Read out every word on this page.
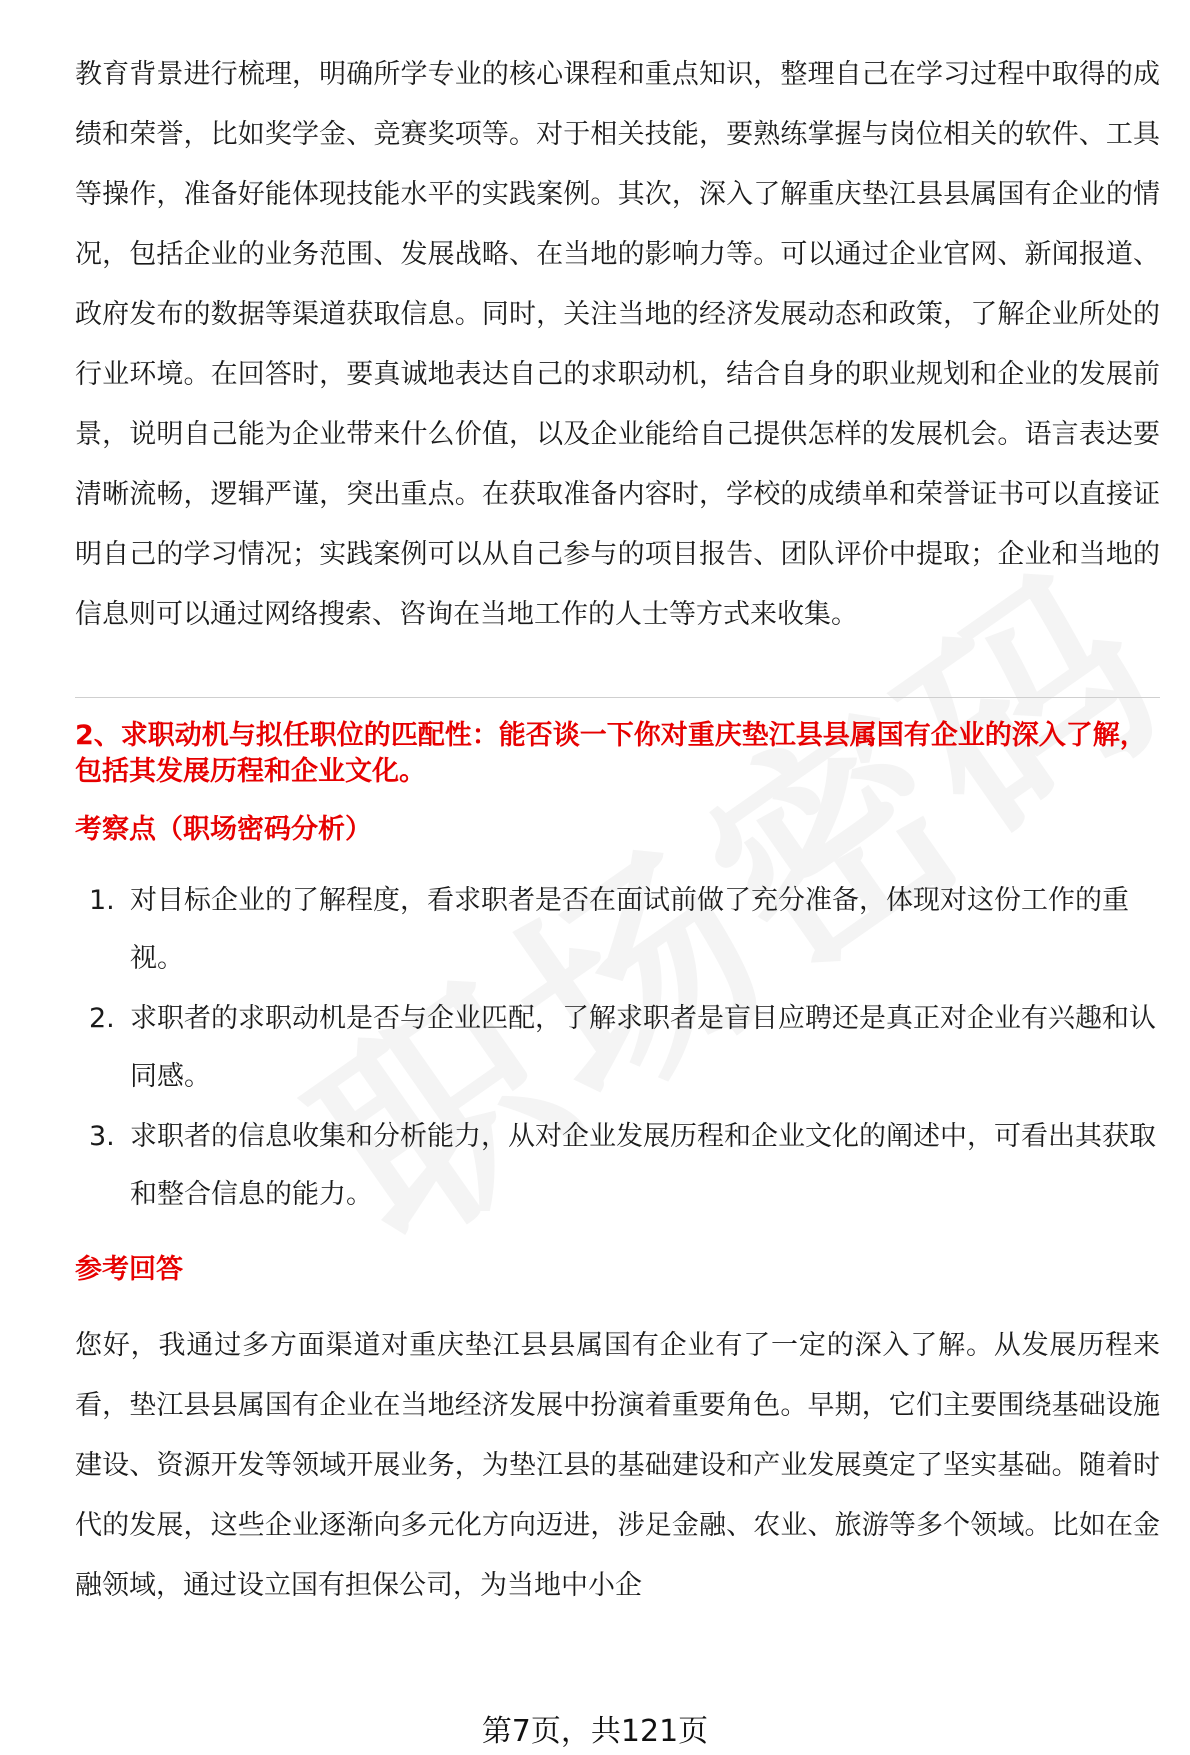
教育背景进行梳理，明确所学专业的核心课程和重点知识，整理自己在学习过程中取得的成绩和荣誉，比如奖学金、竞赛奖项等。对于相关技能，要熟练掌握与岗位相关的软件、工具等操作，准备好能体现技能水平的实践案例。其次，深入了解重庆垫江县县属国有企业的情况，包括企业的业务范围、发展战略、在当地的影响力等。可以通过企业官网、新闻报道、政府发布的数据等渠道获取信息。同时，关注当地的经济发展动态和政策，了解企业所处的行业环境。在回答时，要真诚地表达自己的求职动机，结合自身的职业规划和企业的发展前景，说明自己能为企业带来什么价值，以及企业能给自己提供怎样的发展机会。语言表达要清晰流畅，逻辑严谨，突出重点。在获取准备内容时，学校的成绩单和荣誉证书可以直接证明自己的学习情况；实践案例可以从自己参与的项目报告、团队评价中提取；企业和当地的信息则可以通过网络搜索、咨询在当地工作的人士等方式来收集。

2、求职动机与拟任职位的匹配性：能否谈一下你对重庆垫江县县属国有企业的深入了解，包括其发展历程和企业文化。
考察点（职场密码分析）
1. 对目标企业的了解程度，看求职者是否在面试前做了充分准备，体现对这份工作的重视。
2. 求职者的求职动机是否与企业匹配，了解求职者是盲目应聘还是真正对企业有兴趣和认同感。
3. 求职者的信息收集和分析能力，从对企业发展历程和企业文化的阐述中，可看出其获取和整合信息的能力。
参考回答

您好，我通过多方面渠道对重庆垫江县县属国有企业有了一定的深入了解。从发展历程来看，垫江县县属国有企业在当地经济发展中扮演着重要角色。早期，它们主要围绕基础设施建设、资源开发等领域开展业务，为垫江县的基础建设和产业发展奠定了坚实基础。随着时代的发展，这些企业逐渐向多元化方向迈进，涉足金融、农业、旅游等多个领域。比如在金融领域，通过设立国有担保公司，为当地中小企

第7页，共121页
